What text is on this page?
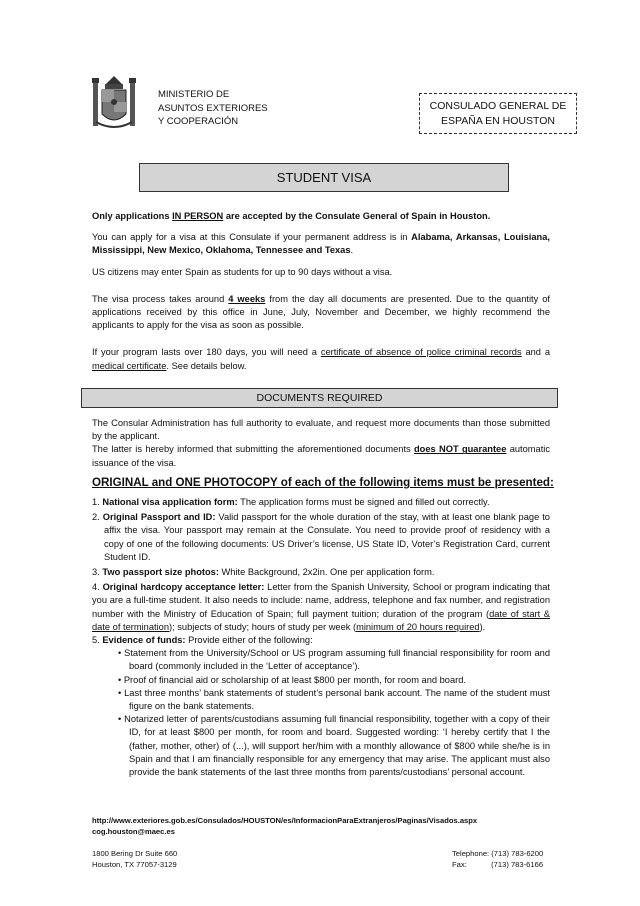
MINISTERIO DE
ASUNTOS EXTERIORES
Y COOPERACIÓN
CONSULADO GENERAL DE
ESPAÑA EN HOUSTON
STUDENT VISA

Only applications IN PERSON are accepted by the Consulate General of Spain in Houston.

You can apply for a visa at this Consulate if your permanent address is in Alabama, Arkansas, Louisiana, Mississippi, New Mexico, Oklahoma, Tennessee and Texas.

US citizens may enter Spain as students for up to 90 days without a visa.

The visa process takes around 4 weeks from the day all documents are presented. Due to the quantity of applications received by this office in June, July, November and December, we highly recommend the applicants to apply for the visa as soon as possible.

If your program lasts over 180 days, you will need a certificate of absence of police criminal records and a medical certificate. See details below.

DOCUMENTS REQUIRED

The Consular Administration has full authority to evaluate, and request more documents than those submitted by the applicant.

The latter is hereby informed that submitting the aforementioned documents does NOT guarantee automatic issuance of the visa.

ORIGINAL and ONE PHOTOCOPY of each of the following items must be presented:

1. National visa application form: The application forms must be signed and filled out correctly.

2. Original Passport and ID: Valid passport for the whole duration of the stay, with at least one blank page to affix the visa. Your passport may remain at the Consulate. You need to provide proof of residency with a copy of one of the following documents: US Driver’s license, US State ID, Voter’s Registration Card, current Student ID.

3. Two passport size photos: White Background, 2x2in. One per application form.

4. Original hardcopy acceptance letter: Letter from the Spanish University, School or program indicating that you are a full-time student. It also needs to include: name, address, telephone and fax number, and registration number with the Ministry of Education of Spain; full payment tuition; duration of the program (date of start & date of termination); subjects of study; hours of study per week (minimum of 20 hours required).

5. Evidence of funds: Provide either of the following:

• Statement from the University/School or US program assuming full financial responsibility for room and board (commonly included in the ‘Letter of acceptance’).

• Proof of financial aid or scholarship of at least $800 per month, for room and board.

• Last three months’ bank statements of student’s personal bank account. The name of the student must figure on the bank statements.

• Notarized letter of parents/custodians assuming full financial responsibility, together with a copy of their ID, for at least $800 per month, for room and board. Suggested wording: ‘I hereby certify that I the (father, mother, other) of (...), will support her/him with a monthly allowance of $800 while she/he is in Spain and that I am financially responsible for any emergency that may arise. The applicant must also provide the bank statements of the last three months from parents/custodians’ personal account.

http://www.exteriores.gob.es/Consulados/HOUSTON/es/InformacionParaExtranjeros/Paginas/Visados.aspx
cog.houston@maec.es
1800 Bering Dr Suite 660
Houston, TX 77057-3129
Telephone: (713) 783-6200
Fax:	(713) 783-6166
